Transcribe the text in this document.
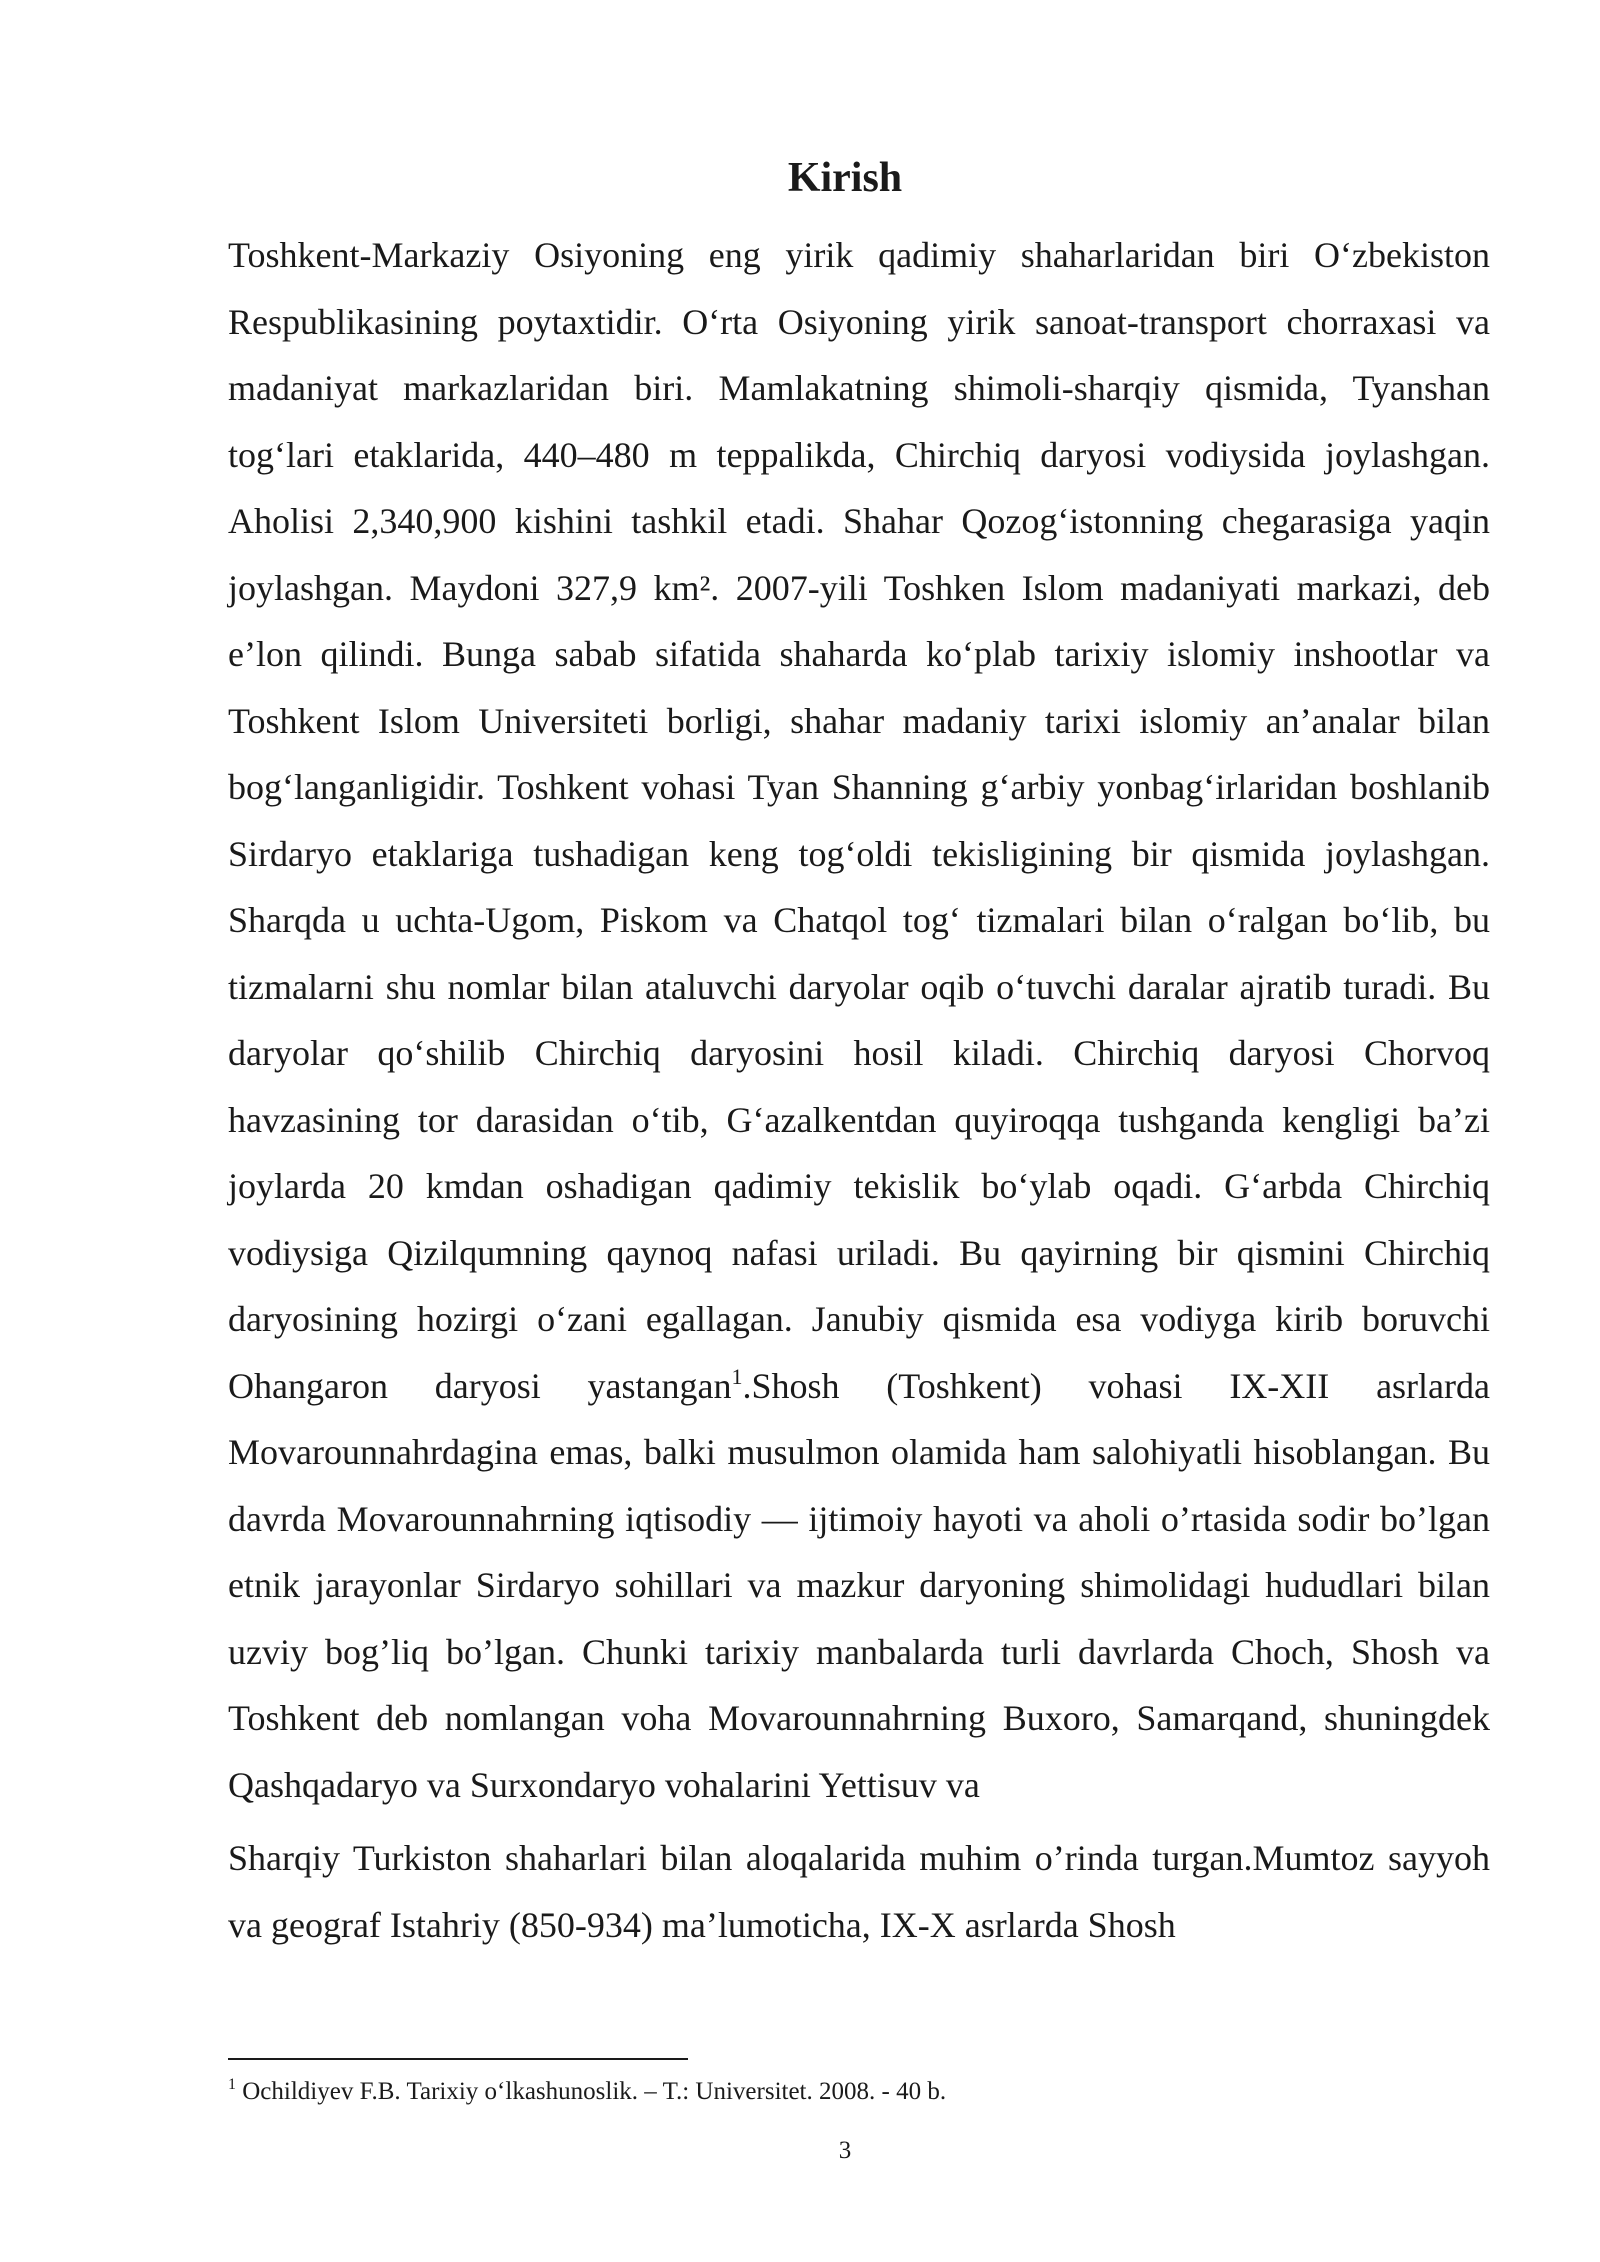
Kirish

Toshkent-Markaziy Osiyoning eng yirik qadimiy shaharlaridan biri O‘zbekiston Respublikasining poytaxtidir. O‘rta Osiyoning yirik sanoat-transport chorraxasi va madaniyat markazlaridan biri. Mamlakatning shimoli-sharqiy qismida, Tyanshan tog‘lari etaklarida, 440–480 m teppalikda, Chirchiq daryosi vodiysida joylashgan. Aholisi 2,340,900 kishini tashkil etadi. Shahar Qozog‘istonning chegarasiga yaqin joylashgan. Maydoni 327,9 km². 2007-yili Toshken Islom madaniyati markazi, deb e’lon qilindi. Bunga sabab sifatida shaharda ko‘plab tarixiy islomiy inshootlar va Toshkent Islom Universiteti borligi, shahar madaniy tarixi islomiy an’analar bilan bog‘langanligidir. Toshkent vohasi Tyan Shanning g‘arbiy yonbag‘irlaridan boshlanib Sirdaryo etaklariga tushadigan keng tog‘oldi tekisligining bir qismida joylashgan. Sharqda u uchta-Ugom, Piskom va Chatqol tog‘ tizmalari bilan o‘ralgan bo‘lib, bu tizmalarni shu nomlar bilan ataluvchi daryolar oqib o‘tuvchi daralar ajratib turadi. Bu daryolar qo‘shilib Chirchiq daryosini hosil kiladi. Chirchiq daryosi Chorvoq havzasining tor darasidan o‘tib, G‘azalkentdan quyiroqqa tushganda kengligi ba’zi joylarda 20 kmdan oshadigan qadimiy tekislik bo‘ylab oqadi. G‘arbda Chirchiq vodiysiga Qizilqumning qaynoq nafasi uriladi. Bu qayirning bir qismini Chirchiq daryosining hozirgi o‘zani egallagan. Janubiy qismida esa vodiyga kirib boruvchi Ohangaron daryosi yastangan$^1$.Shosh (Toshkent) vohasi IX-XII asrlarda Movarounnahrdagina emas, balki musulmon olamida ham salohiyatli hisoblangan. Bu davrda Movarounnahrning iqtisodiy — ijtimoiy hayoti va aholi o’rtasida sodir bo’lgan etnik jarayonlar Sirdaryo sohillari va mazkur daryoning shimolidagi hududlari bilan uzviy bog’liq bo’lgan. Chunki tarixiy manbalarda turli davrlarda Choch, Shosh va Toshkent deb nomlangan voha Movarounnahrning Buxoro, Samarqand, shuningdek Qashqadaryo va Surxondaryo vohalarini Yettisuv va

Sharqiy Turkiston shaharlari bilan aloqalarida muhim o’rinda turgan.Mumtoz sayyoh va geograf Istahriy (850-934) ma’lumoticha, IX-X asrlarda Shosh

$^1$ Ochildiyev F.B. Tarixiy o‘lkashunoslik. – T.: Universitet. 2008. - 40 b.
3
